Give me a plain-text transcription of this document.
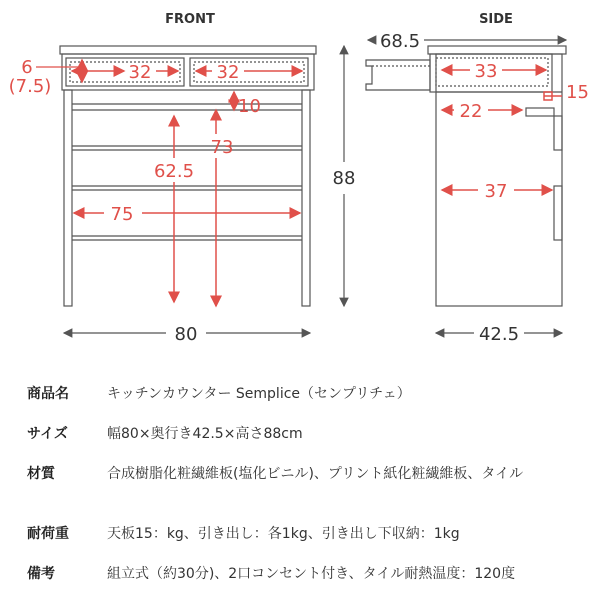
FRONT	SIDE
6
(7.5)
32	32
10
62.5
73
75
80
88
33
22
37
15
68.5
42.5
商品名	キッチンカウンター Semplice（センプリチェ）
サイズ	幅80×奥行き42.5×高さ88cm
材質	合成樹脂化粧繊維板(塩化ビニル)、プリント紙化粧繊維板、タイル
耐荷重	天板15：kg、引き出し：各1kg、引き出し下収納：1kg
備考	組立式（約30分)、2口コンセント付き、タイル耐熱温度：120度
